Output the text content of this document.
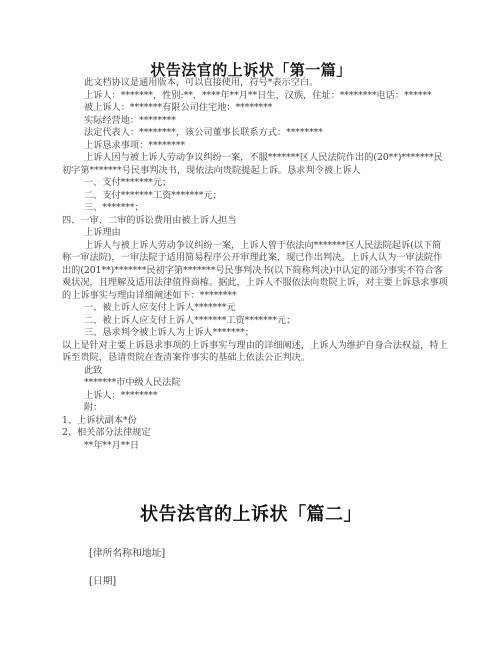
状告法官的上诉状「第一篇」

此文档协议是通用版本，可以直接使用，符号*表示空白。

上诉人：*******，性别:**，****年**月**日生，汉族，住址：********电话：******

被上诉人：*******有限公司住宅地：********

实际经营地：********

法定代表人：********，该公司董事长联系方式：********

上诉恳求事项：********

上诉人因与被上诉人劳动争议纠纷一案，不服*******区人民法院作出的(20**)*******民初字第*******号民事判决书，现依法向贵院提起上诉。恳求判令被上诉人

一、支付*******元；

二、支付*******工资*******元；

三、*******；

四、一审、二审的诉讼费用由被上诉人担当

上诉理由

上诉人与被上诉人劳动争议纠纷一案，上诉人曾于依法向*******区人民法院起诉(以下简称一审法院)，一审法院于适用简易程序公开审理此案，现已作出判决。上诉人认为一审法院作出的(201**)*******民初字第*******号民事判决书(以下简称判决)中认定的部分事实不符合客观状况，且理解及适用法律值得商榷。据此，上诉人不服依法向贵院上诉，对主要上诉恳求事项的上诉事实与理由详细阐述如下：********

一、被上诉人应支付上诉人*******元

二、被上诉人应支付上诉人*******工资*******元；

三、恳求判令被上诉人为上诉人*******；

以上是针对主要上诉恳求事项的上诉事实与理由的详细阐述，上诉人为维护自身合法权益，特上诉至贵院，恳请贵院在查清案件事实的基础上依法公正判决。

此致

*******市中级人民法院

上诉人：********

附：

1、上诉状副本*份

2、相关部分法律规定

**年**月**日

状告法官的上诉状「篇二」
[律所名称和地址]
[日期]
